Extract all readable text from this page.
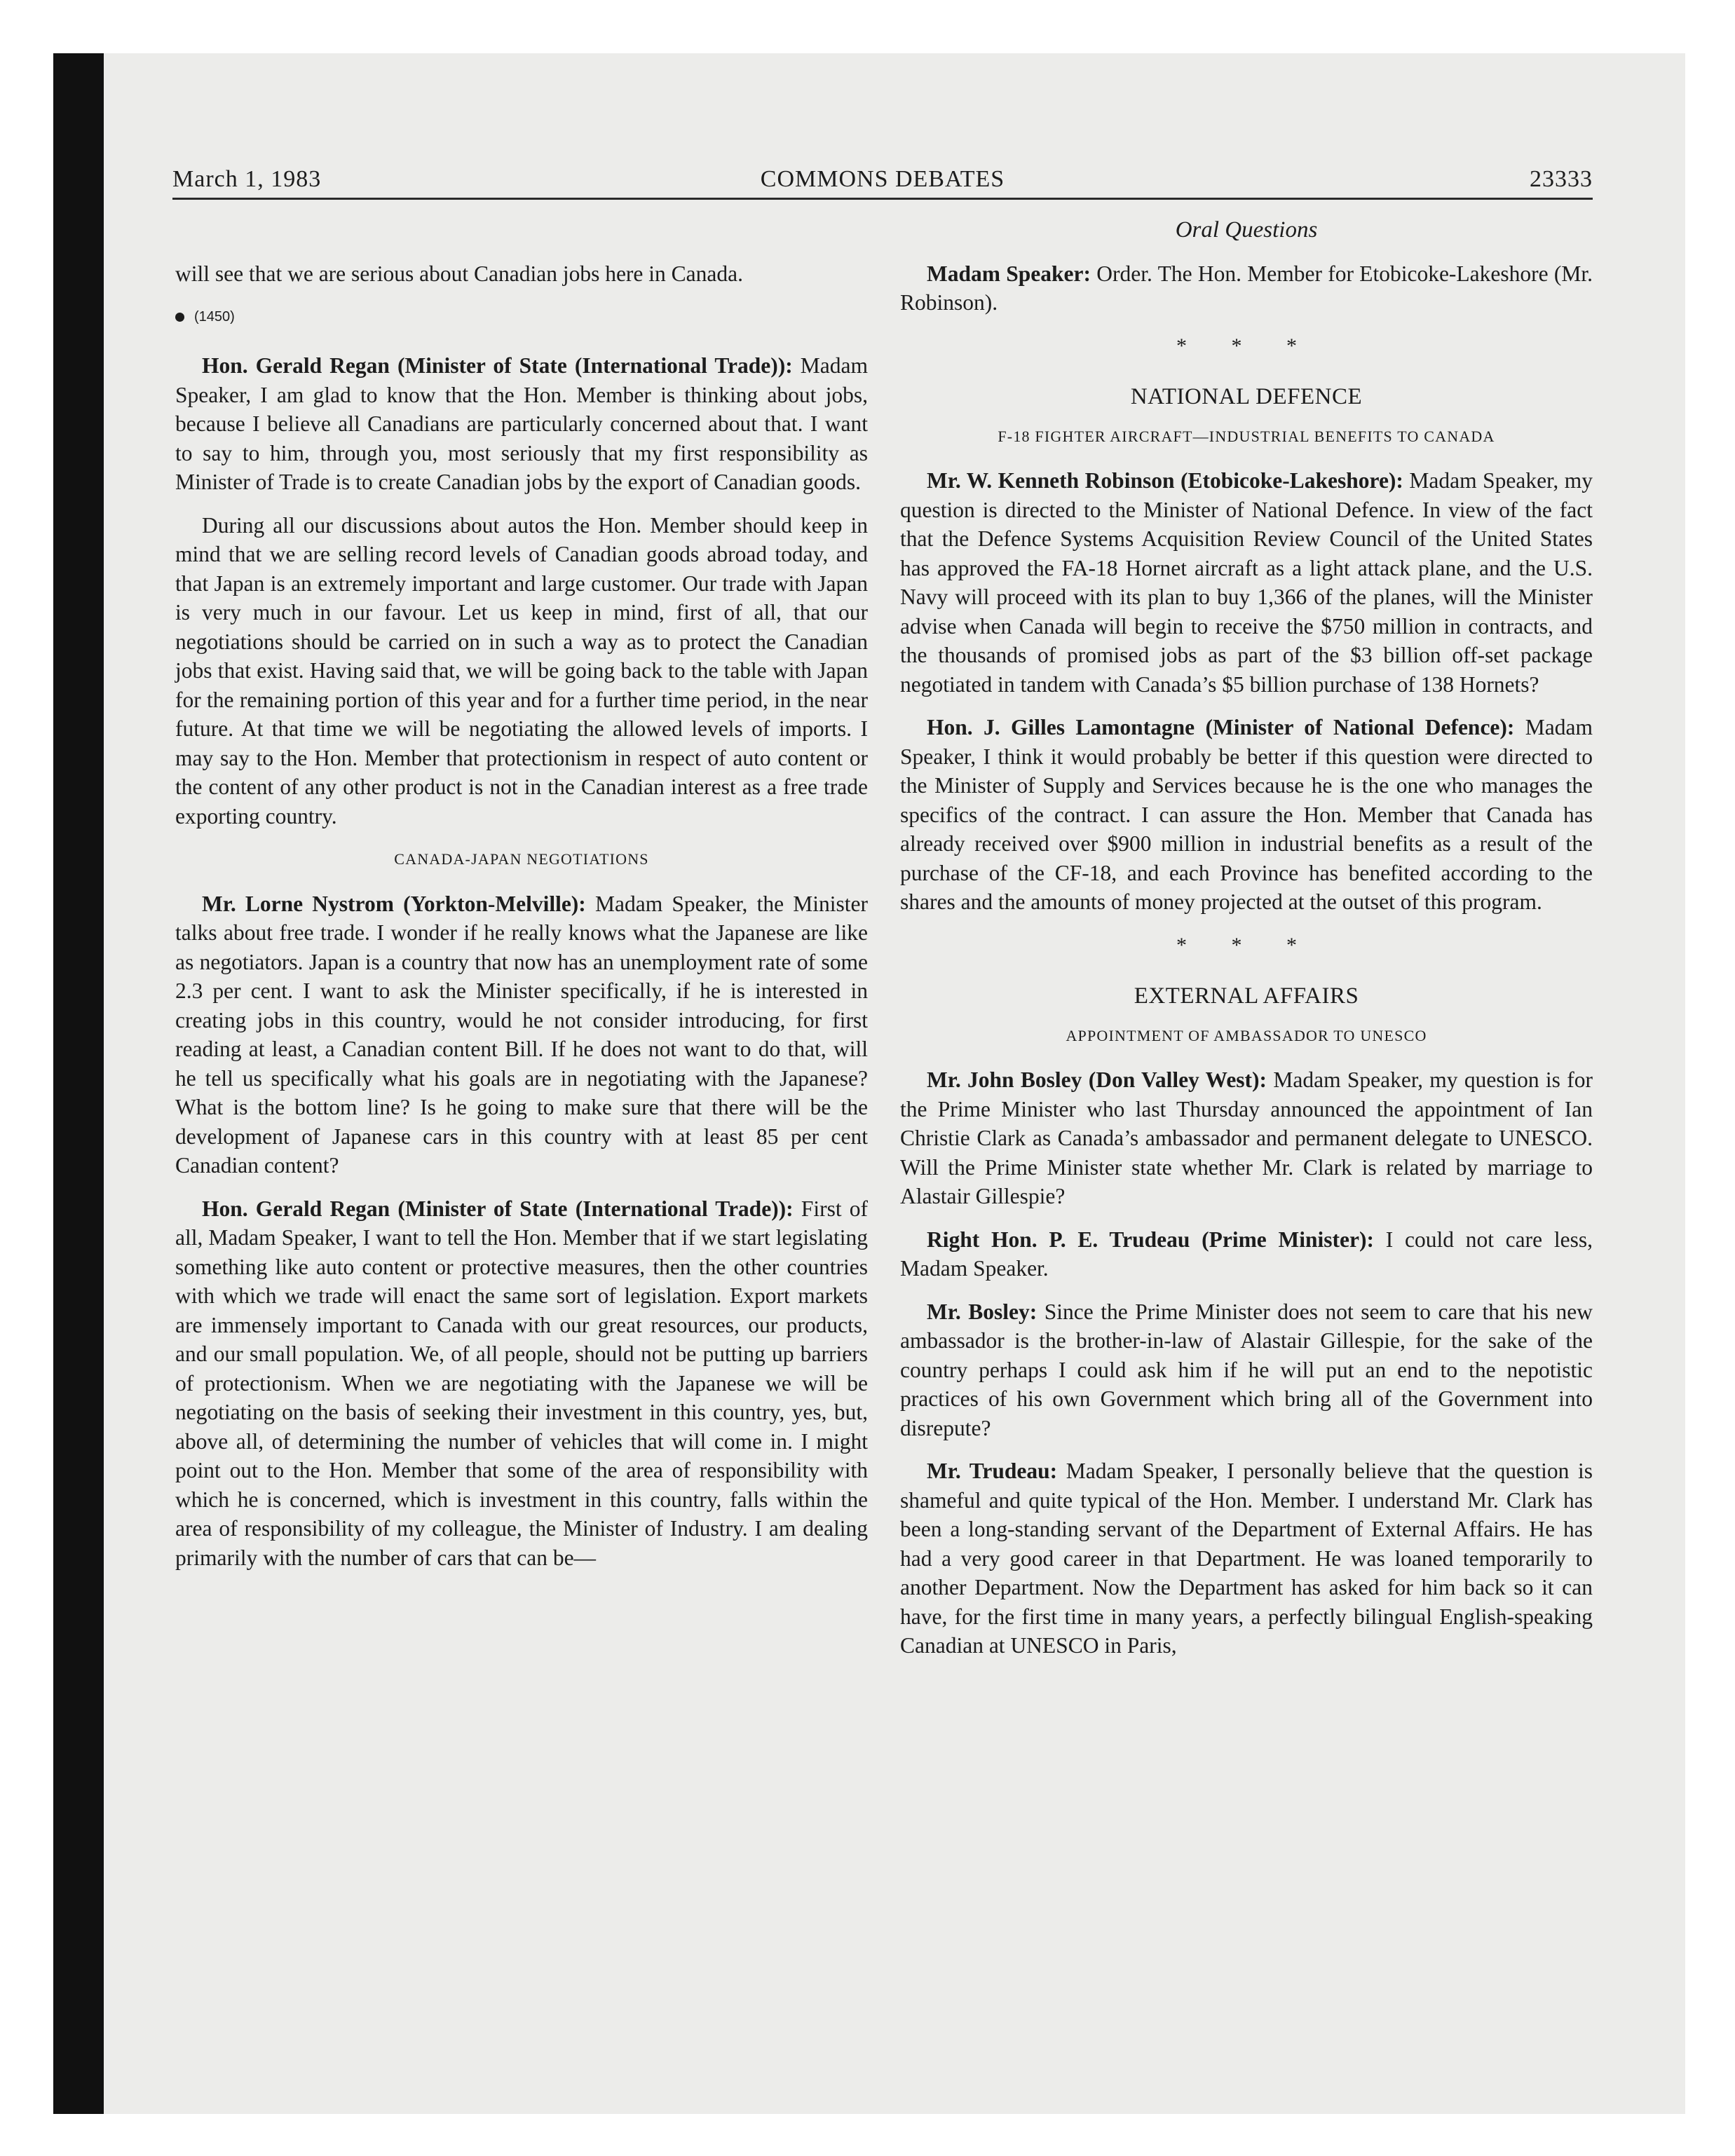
March 1, 1983	COMMONS DEBATES	23333

will see that we are serious about Canadian jobs here in Canada.

(1450)

Hon. Gerald Regan (Minister of State (International Trade)): Madam Speaker, I am glad to know that the Hon. Member is thinking about jobs, because I believe all Canadians are particularly concerned about that. I want to say to him, through you, most seriously that my first responsibility as Minister of Trade is to create Canadian jobs by the export of Canadian goods.

During all our discussions about autos the Hon. Member should keep in mind that we are selling record levels of Canadian goods abroad today, and that Japan is an extremely important and large customer. Our trade with Japan is very much in our favour. Let us keep in mind, first of all, that our negotiations should be carried on in such a way as to protect the Canadian jobs that exist. Having said that, we will be going back to the table with Japan for the remaining portion of this year and for a further time period, in the near future. At that time we will be negotiating the allowed levels of imports. I may say to the Hon. Member that protectionism in respect of auto content or the content of any other product is not in the Canadian interest as a free trade exporting country.

CANADA-JAPAN NEGOTIATIONS

Mr. Lorne Nystrom (Yorkton-Melville): Madam Speaker, the Minister talks about free trade. I wonder if he really knows what the Japanese are like as negotiators. Japan is a country that now has an unemployment rate of some 2.3 per cent. I want to ask the Minister specifically, if he is interested in creating jobs in this country, would he not consider introducing, for first reading at least, a Canadian content Bill. If he does not want to do that, will he tell us specifically what his goals are in negotiating with the Japanese? What is the bottom line? Is he going to make sure that there will be the development of Japanese cars in this country with at least 85 per cent Canadian content?

Hon. Gerald Regan (Minister of State (International Trade)): First of all, Madam Speaker, I want to tell the Hon. Member that if we start legislating something like auto content or protective measures, then the other countries with which we trade will enact the same sort of legislation. Export markets are immensely important to Canada with our great resources, our products, and our small population. We, of all people, should not be putting up barriers of protectionism. When we are negotiating with the Japanese we will be negotiating on the basis of seeking their investment in this country, yes, but, above all, of determining the number of vehicles that will come in. I might point out to the Hon. Member that some of the area of responsibility with which he is concerned, which is investment in this country, falls within the area of responsibility of my colleague, the Minister of Industry. I am dealing primarily with the number of cars that can be—

Oral Questions

Madam Speaker: Order. The Hon. Member for Etobicoke-Lakeshore (Mr. Robinson).

* * *
NATIONAL DEFENCE
F-18 FIGHTER AIRCRAFT—INDUSTRIAL BENEFITS TO CANADA

Mr. W. Kenneth Robinson (Etobicoke-Lakeshore): Madam Speaker, my question is directed to the Minister of National Defence. In view of the fact that the Defence Systems Acquisition Review Council of the United States has approved the FA-18 Hornet aircraft as a light attack plane, and the U.S. Navy will proceed with its plan to buy 1,366 of the planes, will the Minister advise when Canada will begin to receive the $750 million in contracts, and the thousands of promised jobs as part of the $3 billion off-set package negotiated in tandem with Canada’s $5 billion purchase of 138 Hornets?

Hon. J. Gilles Lamontagne (Minister of National Defence): Madam Speaker, I think it would probably be better if this question were directed to the Minister of Supply and Services because he is the one who manages the specifics of the contract. I can assure the Hon. Member that Canada has already received over $900 million in industrial benefits as a result of the purchase of the CF-18, and each Province has benefited according to the shares and the amounts of money projected at the outset of this program.

* * *
EXTERNAL AFFAIRS
APPOINTMENT OF AMBASSADOR TO UNESCO

Mr. John Bosley (Don Valley West): Madam Speaker, my question is for the Prime Minister who last Thursday announced the appointment of Ian Christie Clark as Canada’s ambassador and permanent delegate to UNESCO. Will the Prime Minister state whether Mr. Clark is related by marriage to Alastair Gillespie?

Right Hon. P. E. Trudeau (Prime Minister): I could not care less, Madam Speaker.

Mr. Bosley: Since the Prime Minister does not seem to care that his new ambassador is the brother-in-law of Alastair Gillespie, for the sake of the country perhaps I could ask him if he will put an end to the nepotistic practices of his own Government which bring all of the Government into disrepute?

Mr. Trudeau: Madam Speaker, I personally believe that the question is shameful and quite typical of the Hon. Member. I understand Mr. Clark has been a long-standing servant of the Department of External Affairs. He has had a very good career in that Department. He was loaned temporarily to another Department. Now the Department has asked for him back so it can have, for the first time in many years, a perfectly bilingual English-speaking Canadian at UNESCO in Paris,
